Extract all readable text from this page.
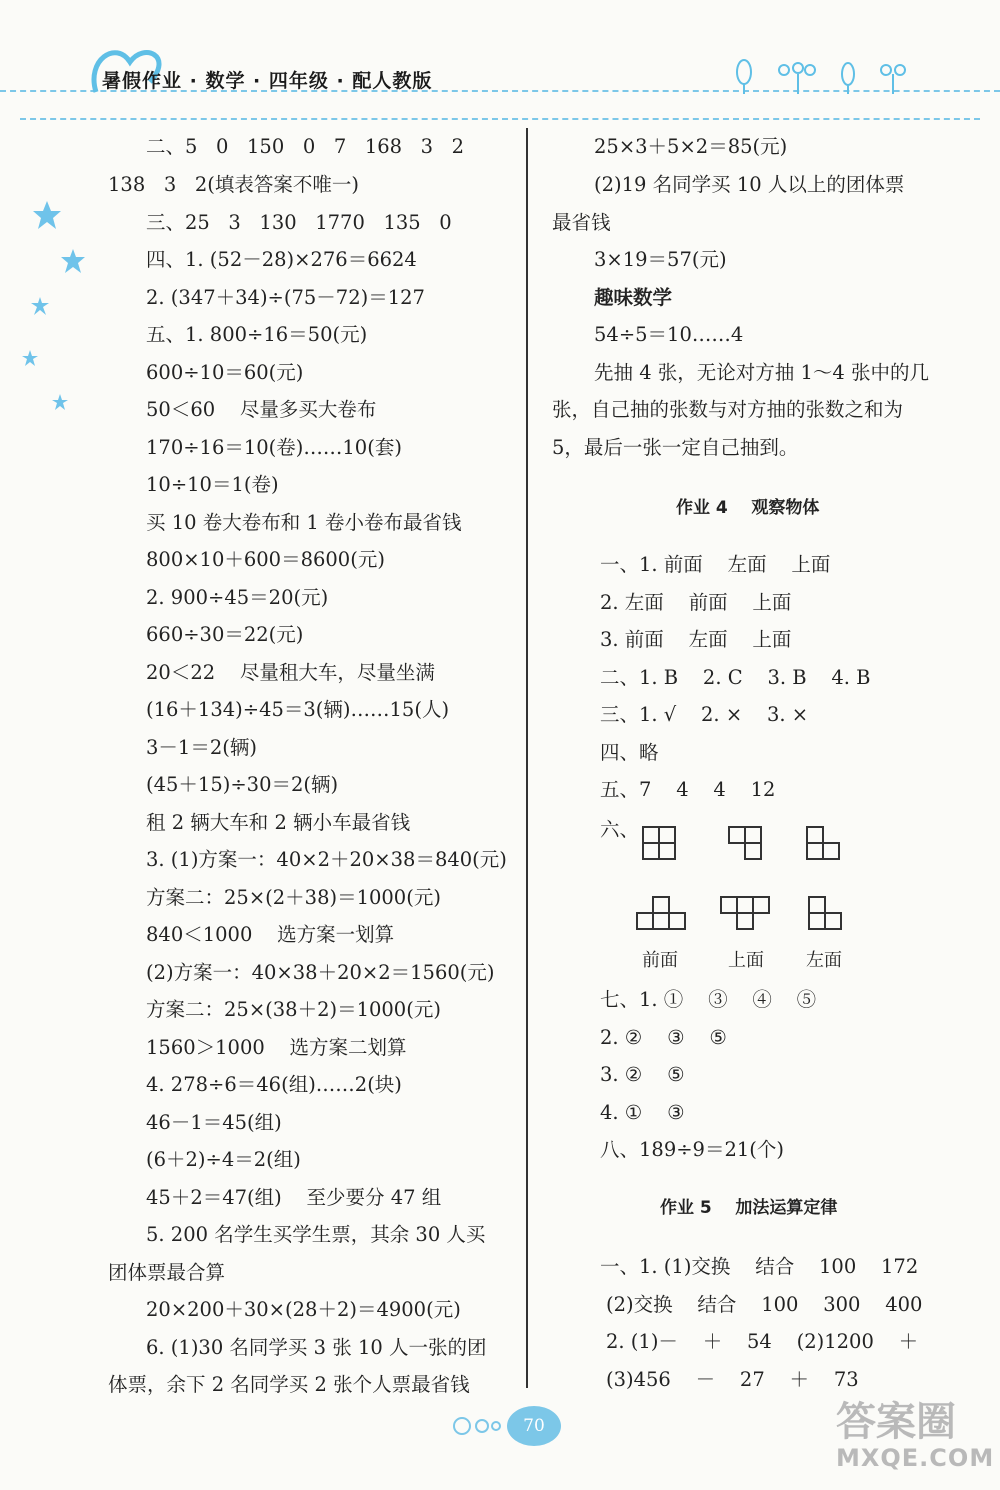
暑假作业 · 数学 · 四年级 · 配人教版
二、5   0   150   0   7   168   3   2
138   3   2(填表答案不唯一)
三、25   3   130   1770   135   0
四、1. (52－28)×276＝6624
2. (347＋34)÷(75－72)＝127
五、1. 800÷16＝50(元)
600÷10＝60(元)
50＜60    尽量多买大卷布
170÷16＝10(卷)……10(套)
10÷10＝1(卷)
买 10 卷大卷布和 1 卷小卷布最省钱
800×10＋600＝8600(元)
2. 900÷45＝20(元)
660÷30＝22(元)
20＜22    尽量租大车，尽量坐满
(16＋134)÷45＝3(辆)……15(人)
3－1＝2(辆)
(45＋15)÷30＝2(辆)
租 2 辆大车和 2 辆小车最省钱
3. (1)方案一：40×2＋20×38＝840(元)
方案二：25×(2＋38)＝1000(元)
840＜1000    选方案一划算
(2)方案一：40×38＋20×2＝1560(元)
方案二：25×(38＋2)＝1000(元)
1560＞1000    选方案二划算
4. 278÷6＝46(组)……2(块)
46－1＝45(组)
(6＋2)÷4＝2(组)
45＋2＝47(组)    至少要分 47 组
5. 200 名学生买学生票，其余 30 人买
团体票最合算
20×200＋30×(28＋2)＝4900(元)
6. (1)30 名同学买 3 张 10 人一张的团
体票，余下 2 名同学买 2 张个人票最省钱
25×3＋5×2＝85(元)
(2)19 名同学买 10 人以上的团体票
最省钱
3×19＝57(元)
趣味数学
54÷5＝10……4
先抽 4 张，无论对方抽 1～4 张中的几
张，自己抽的张数与对方抽的张数之和为
5，最后一张一定自己抽到。
作业 4    观察物体
一、1. 前面    左面    上面
2. 左面    前面    上面
3. 前面    左面    上面
二、1. B    2. C    3. B    4. B
三、1. √    2. ×    3. ×
四、略
五、7    4    4    12
六、
七、1. ①    ③    ④    ⑤
2. ②    ③    ⑤
3. ②    ⑤
4. ①    ③
八、189÷9＝21(个)
作业 5    加法运算定律
一、1. (1)交换    结合    100    172
(2)交换    结合    100    300    400
2. (1)－    ＋    54    (2)1200    ＋
(3)456    －    27    ＋    73
前面	上面 左面
70	答案圈
MXQE.COM
